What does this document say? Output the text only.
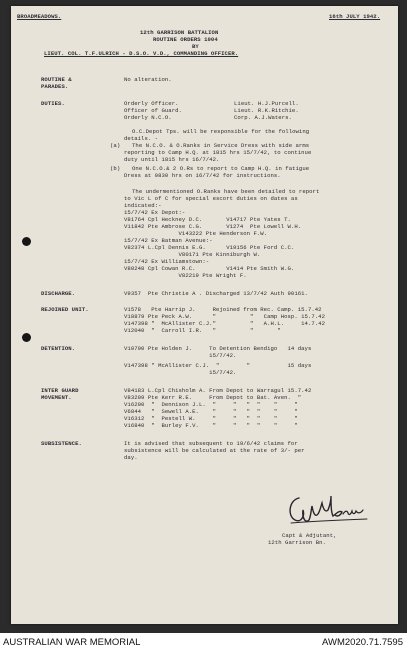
BROADMEADOWS.	16th JULY 1942.
12th GARRISON BATTALION
ROUTINE ORDERS 1004
BY
LIEUT. COL. T.F.ULRICH - D.S.O. V.D., COMMANDING OFFICER.
ROUTINE &
PARADES.
No alteration.
DUTIES.	Orderly Officer.	Lieut. H.J.Purcell.
Officer of Guard.	Lieut. R.K.Ritchie.
Orderly N.C.O.	Corp. A.J.Waters.
O.C.Depot Tps. will be responsible for the following
details. -
(a) The N.C.O. & O.Ranks in Service Dress with side arms
reporting to Camp H.Q. at 1815 hrs 15/7/42, to continue
duty until 1815 hrs 16/7/42.
(b) One N.C.O.& 2 O.Rs to report to Camp H.Q. in fatigue
Dress at 0830 hrs on 16/7/42 for instructions.
The undermentioned O.Ranks have been detailed to report
to Vic L of C for special escort duties on dates as
indicated:-
15/7/42 Ex Depot:-
V81764 Cpl Heckney D.C.       V14717 Pte Yates T.
V11842 Pte Ambrose C.G.       V1274  Pte Lowell W.H.
V143222 Pte Henderson F.W.
15/7/42 Ex Batman Avenue:-
V82374 L.Cpl Dennis E.G.      V19156 Pte Ford C.C.
V80171 Pte Kinniburgh W.
15/7/42 Ex Williamstown:-
V80248 Cpl Cowan R.C.         V1414 Pte Smith W.G.
V82219 Pte Wright F.
DISCHARGE.	V9357  Pte Christie A . Discharged 13/7/42 Auth 90161.
REJOINED UNIT.	V1578   Pte Harrip J.     Rejoined from Rec. Camp. 15.7.42
V18879 Pte Peck A.W.      "          "   Camp Hosp. 15.7.42
V147398 "  McAllister C.J."          "   A.H.L.     14.7.42
V12040  "  Carroll I.R.   "          "       "
DETENTION.	V10790 Pte Holden J.     To Detention Bendigo   14 days
15/7/42.
V147398 " McAllister C.J.  "        "           15 days
15/7/42.
INTER GUARD
MOVEMENT.
V84183 L.Cpl Chisholm A. From Depot to Warragul 15.7.42
V83209 Pte Kerr R.E.     From Depot to Bat. Aven.  "
V16200  "  Dennison J.L.  "     "   "  "    "     "
V6844   "  Sewell A.E.    "     "   "  "    "     "
V16312  "  Pestell W.     "     "   "  "    "     "
V16840  "  Burley F.V.    "     "   "  "    "     "
SUBSISTENCE.	It is advised that subsequent to 19/6/42 claims for
subsistence will be calculated at the rate of 3/- per
day.
Capt & Adjutant,
12th Garrison Bn.
AUSTRALIAN WAR MEMORIAL	AWM2020.71.7595
